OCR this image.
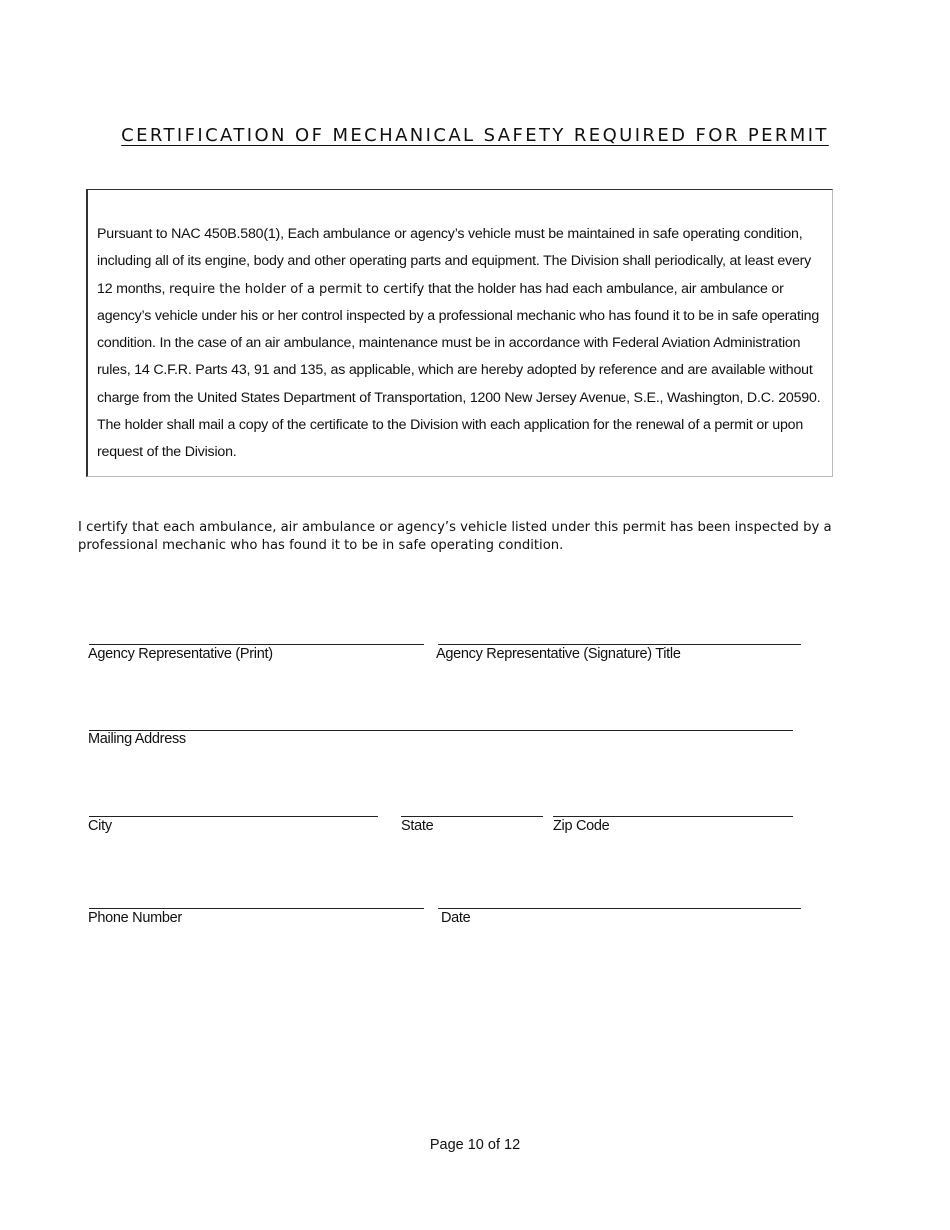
CERTIFICATION OF MECHANICAL SAFETY REQUIRED FOR PERMIT

Pursuant to NAC 450B.580(1), Each ambulance or agency’s vehicle must be maintained in safe operating condition, including all of its engine, body and other operating parts and equipment. The Division shall periodically, at least every 12 months, require the holder of a permit to certify that the holder has had each ambulance, air ambulance or agency’s vehicle under his or her control inspected by a professional mechanic who has found it to be in safe operating condition. In the case of an air ambulance, maintenance must be in accordance with Federal Aviation Administration rules, 14 C.F.R. Parts 43, 91 and 135, as applicable, which are hereby adopted by reference and are available without charge from the United States Department of Transportation, 1200 New Jersey Avenue, S.E., Washington, D.C. 20590. The holder shall mail a copy of the certificate to the Division with each application for the renewal of a permit or upon request of the Division.

I certify that each ambulance, air ambulance or agency’s vehicle listed under this permit has been inspected by a professional mechanic who has found it to be in safe operating condition.

Agency Representative (Print)	Agency Representative (Signature) Title
Mailing Address
City	State	Zip Code
Phone Number	Date
Page 10 of 12
